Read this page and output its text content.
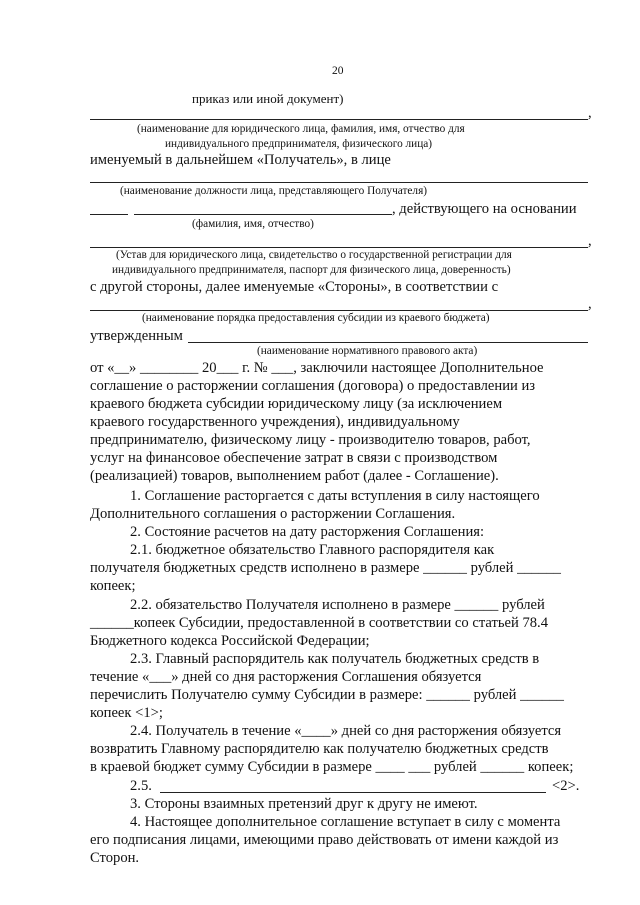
20
приказ или иной документ)
,
(наименование для юридического лица, фамилия, имя, отчество для
индивидуального предпринимателя, физического лица)
именуемый в дальнейшем «Получатель», в лице
(наименование должности лица, представляющего Получателя)
, действующего на основании
(фамилия, имя, отчество)
,
(Устав для юридического лица, свидетельство о государственной регистрации для
индивидуального предпринимателя, паспорт для физического лица, доверенность)
с другой стороны, далее именуемые «Стороны», в соответствии с
,
(наименование порядка предоставления субсидии из краевого бюджета)
утвержденным
(наименование нормативного правового акта)
от «__» ________ 20___ г. № ___, заключили настоящее Дополнительное
соглашение о расторжении соглашения (договора) о предоставлении из
краевого бюджета субсидии юридическому лицу (за исключением
краевого государственного учреждения), индивидуальному
предпринимателю, физическому лицу - производителю товаров, работ,
услуг на финансовое обеспечение затрат в связи с производством
(реализацией) товаров, выполнением работ (далее - Соглашение).
1. Соглашение расторгается с даты вступления в силу настоящего
Дополнительного соглашения о расторжении Соглашения.
2. Состояние расчетов на дату расторжения Соглашения:
2.1. бюджетное обязательство Главного распорядителя как
получателя бюджетных средств исполнено в размере ______ рублей ______
копеек;
2.2. обязательство Получателя исполнено в размере ______ рублей
______копеек Субсидии, предоставленной в соответствии со статьей 78.4
Бюджетного кодекса Российской Федерации;
2.3. Главный распорядитель как получатель бюджетных средств в
течение «___» дней со дня расторжения Соглашения обязуется
перечислить Получателю сумму Субсидии в размере: ______ рублей ______
копеек <1>;
2.4. Получатель в течение «____» дней со дня расторжения обязуется
возвратить Главному распорядителю как получателю бюджетных средств
в краевой бюджет сумму Субсидии в размере ____ ___ рублей ______ копеек;
2.5.	<2>.
3. Стороны взаимных претензий друг к другу не имеют.
4. Настоящее дополнительное соглашение вступает в силу с момента
его подписания лицами, имеющими право действовать от имени каждой из
Сторон.
